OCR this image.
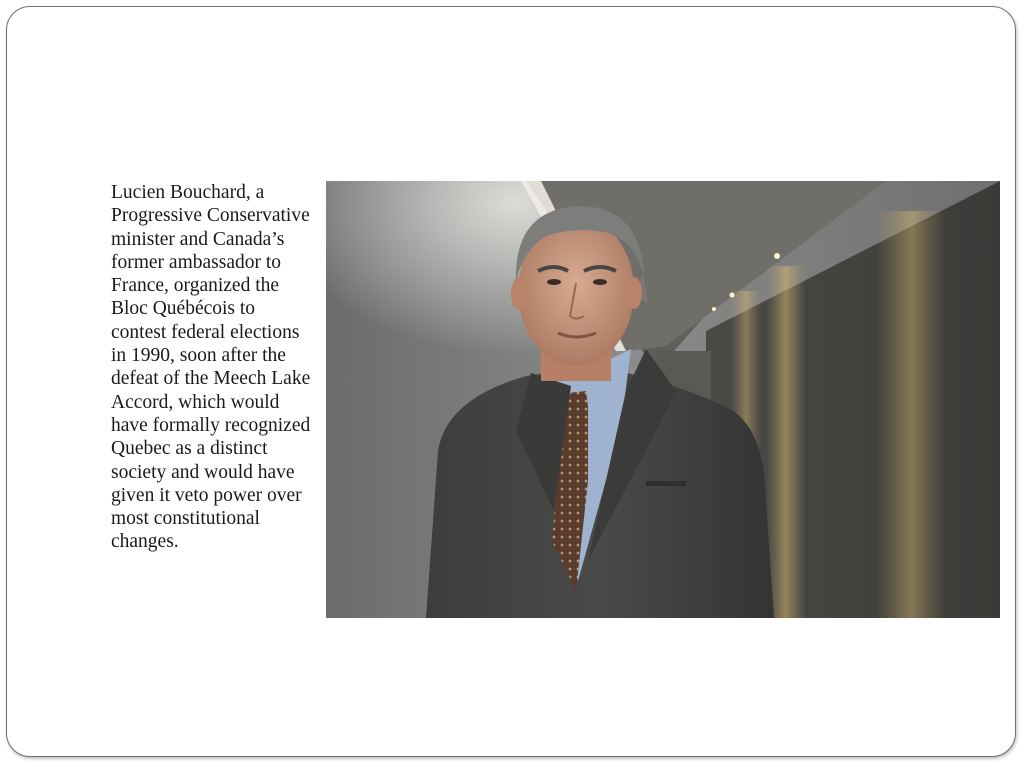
Lucien Bouchard, a Progressive Conservative minister and Canada’s former ambassador to France, organized the Bloc Québécois to contest federal elections in 1990, soon after the defeat of the Meech Lake Accord, which would have formally recognized Quebec as a distinct society and would have given it veto power over most constitutional changes.
